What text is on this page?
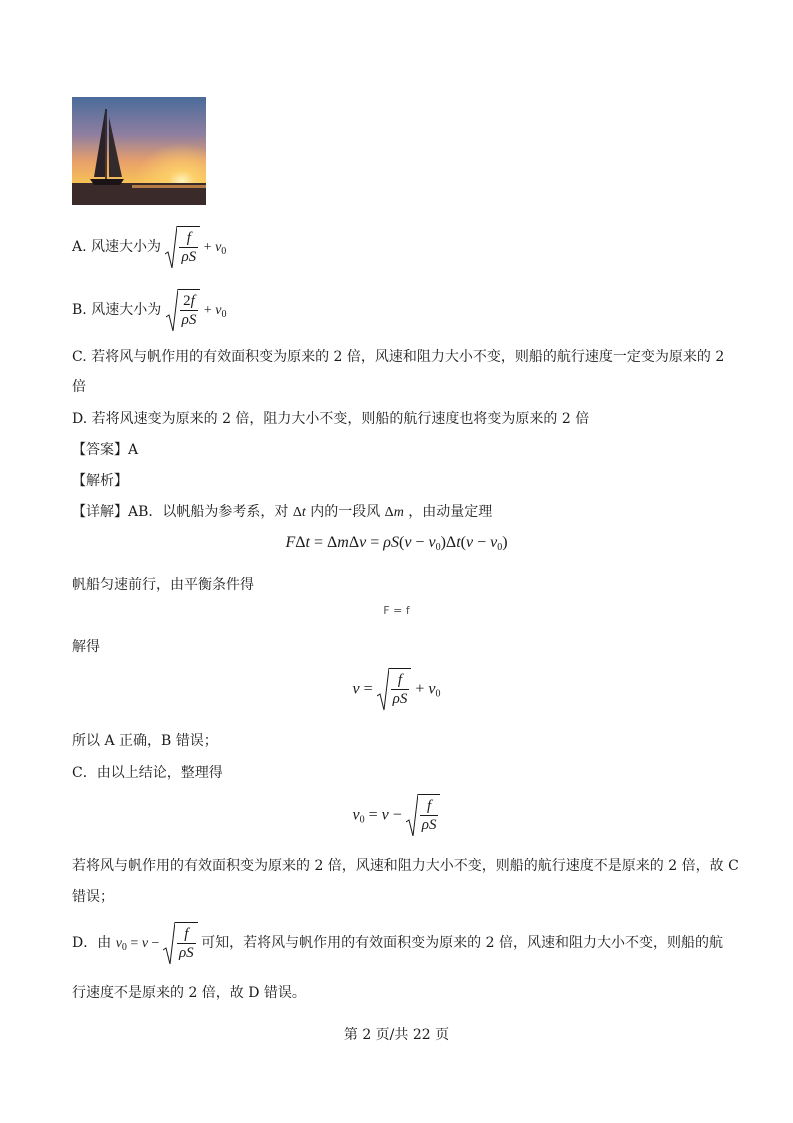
A. 风速大小为 $\frac{f}{\rho S} + v_0$
B. 风速大小为 $\frac{2f}{\rho S} + v_0$
C. 若将风与帆作用的有效面积变为原来的 2 倍，风速和阻力大小不变，则船的航行速度一定变为原来的 2
倍
D. 若将风速变为原来的 2 倍，阻力大小不变，则船的航行速度也将变为原来的 2 倍
【答案】A
【解析】
【详解】AB．以帆船为参考系，对 Δt 内的一段风 Δm ，由动量定理
$F\Delta t = \Delta m\Delta v = \rho S(v - v_0)\Delta t(v - v_0)$
帆船匀速前行，由平衡条件得
F = f
解得
$v = \frac{f}{\rho S} + v_0$
所以 A 正确，B 错误；
C．由以上结论，整理得
$v_0 = v - \frac{f}{\rho S}$
若将风与帆作用的有效面积变为原来的 2 倍，风速和阻力大小不变，则船的航行速度不是原来的 2 倍，故 C
错误；
D．由 $v_0 = v - \frac{f}{\rho S}$ 可知，若将风与帆作用的有效面积变为原来的 2 倍，风速和阻力大小不变，则船的航
行速度不是原来的 2 倍，故 D 错误。
第 2 页/共 22 页
